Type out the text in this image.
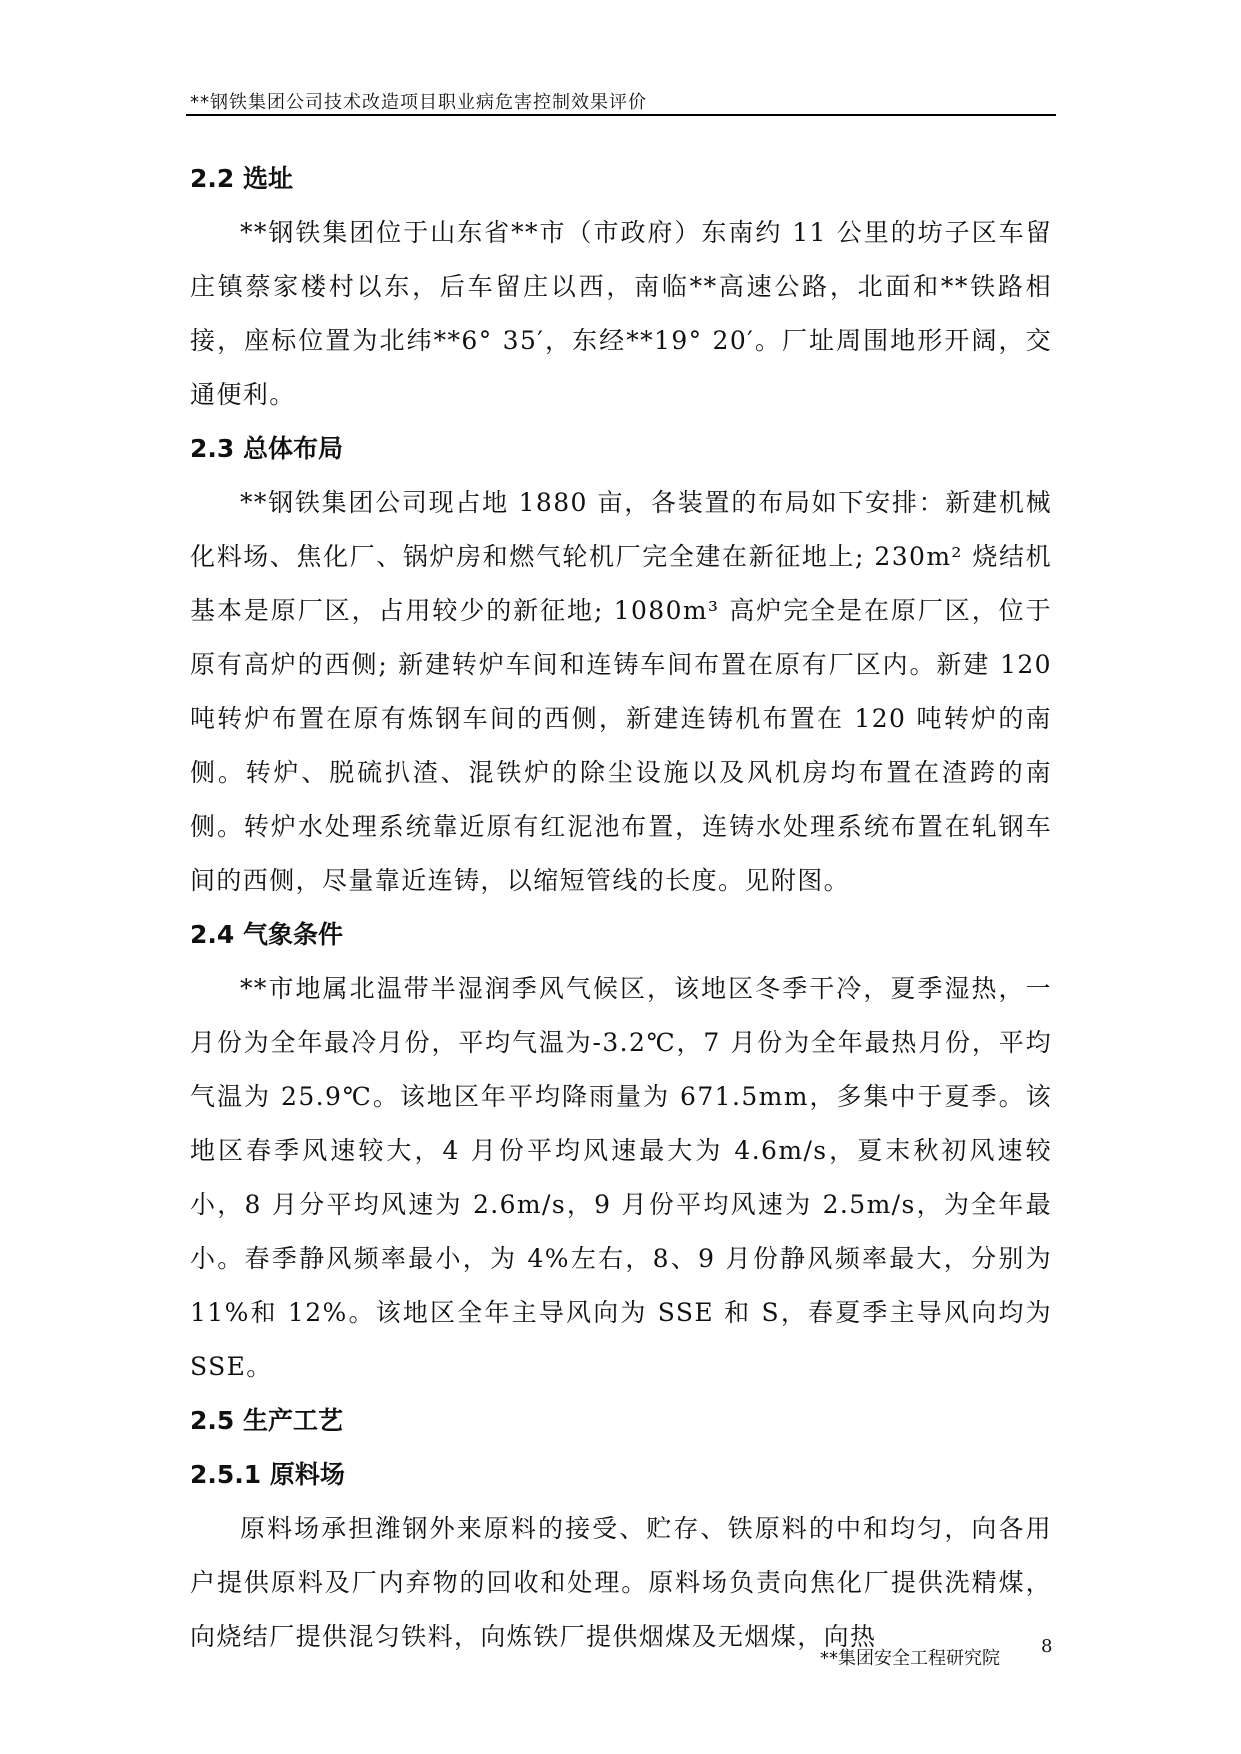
**钢铁集团公司技术改造项目职业病危害控制效果评价
2.2 选址

**钢铁集团位于山东省**市（市政府）东南约 11 公里的坊子区车留庄镇蔡家楼村以东，后车留庄以西，南临**高速公路，北面和**铁路相接，座标位置为北纬**6° 35′，东经**19° 20′。厂址周围地形开阔，交通便利。

2.3 总体布局

**钢铁集团公司现占地 1880 亩，各装置的布局如下安排：新建机械化料场、焦化厂、锅炉房和燃气轮机厂完全建在新征地上; 230m² 烧结机基本是原厂区，占用较少的新征地; 1080m³ 高炉完全是在原厂区，位于原有高炉的西侧; 新建转炉车间和连铸车间布置在原有厂区内。新建 120 吨转炉布置在原有炼钢车间的西侧，新建连铸机布置在 120 吨转炉的南侧。转炉、脱硫扒渣、混铁炉的除尘设施以及风机房均布置在渣跨的南侧。转炉水处理系统靠近原有红泥池布置，连铸水处理系统布置在轧钢车间的西侧，尽量靠近连铸，以缩短管线的长度。见附图。

2.4 气象条件

**市地属北温带半湿润季风气候区，该地区冬季干冷，夏季湿热，一月份为全年最冷月份，平均气温为-3.2℃，7 月份为全年最热月份，平均气温为 25.9℃。该地区年平均降雨量为 671.5mm，多集中于夏季。该地区春季风速较大，4 月份平均风速最大为 4.6m/s，夏末秋初风速较小，8 月分平均风速为 2.6m/s，9 月份平均风速为 2.5m/s，为全年最小。春季静风频率最小，为 4%左右，8、9 月份静风频率最大，分别为 11%和 12%。该地区全年主导风向为 SSE 和 S，春夏季主导风向均为 SSE。

2.5 生产工艺
2.5.1 原料场

原料场承担潍钢外来原料的接受、贮存、铁原料的中和均匀，向各用户提供原料及厂内弃物的回收和处理。原料场负责向焦化厂提供洗精煤，向烧结厂提供混匀铁料，向炼铁厂提供烟煤及无烟煤，向热

**集团安全工程研究院
8
